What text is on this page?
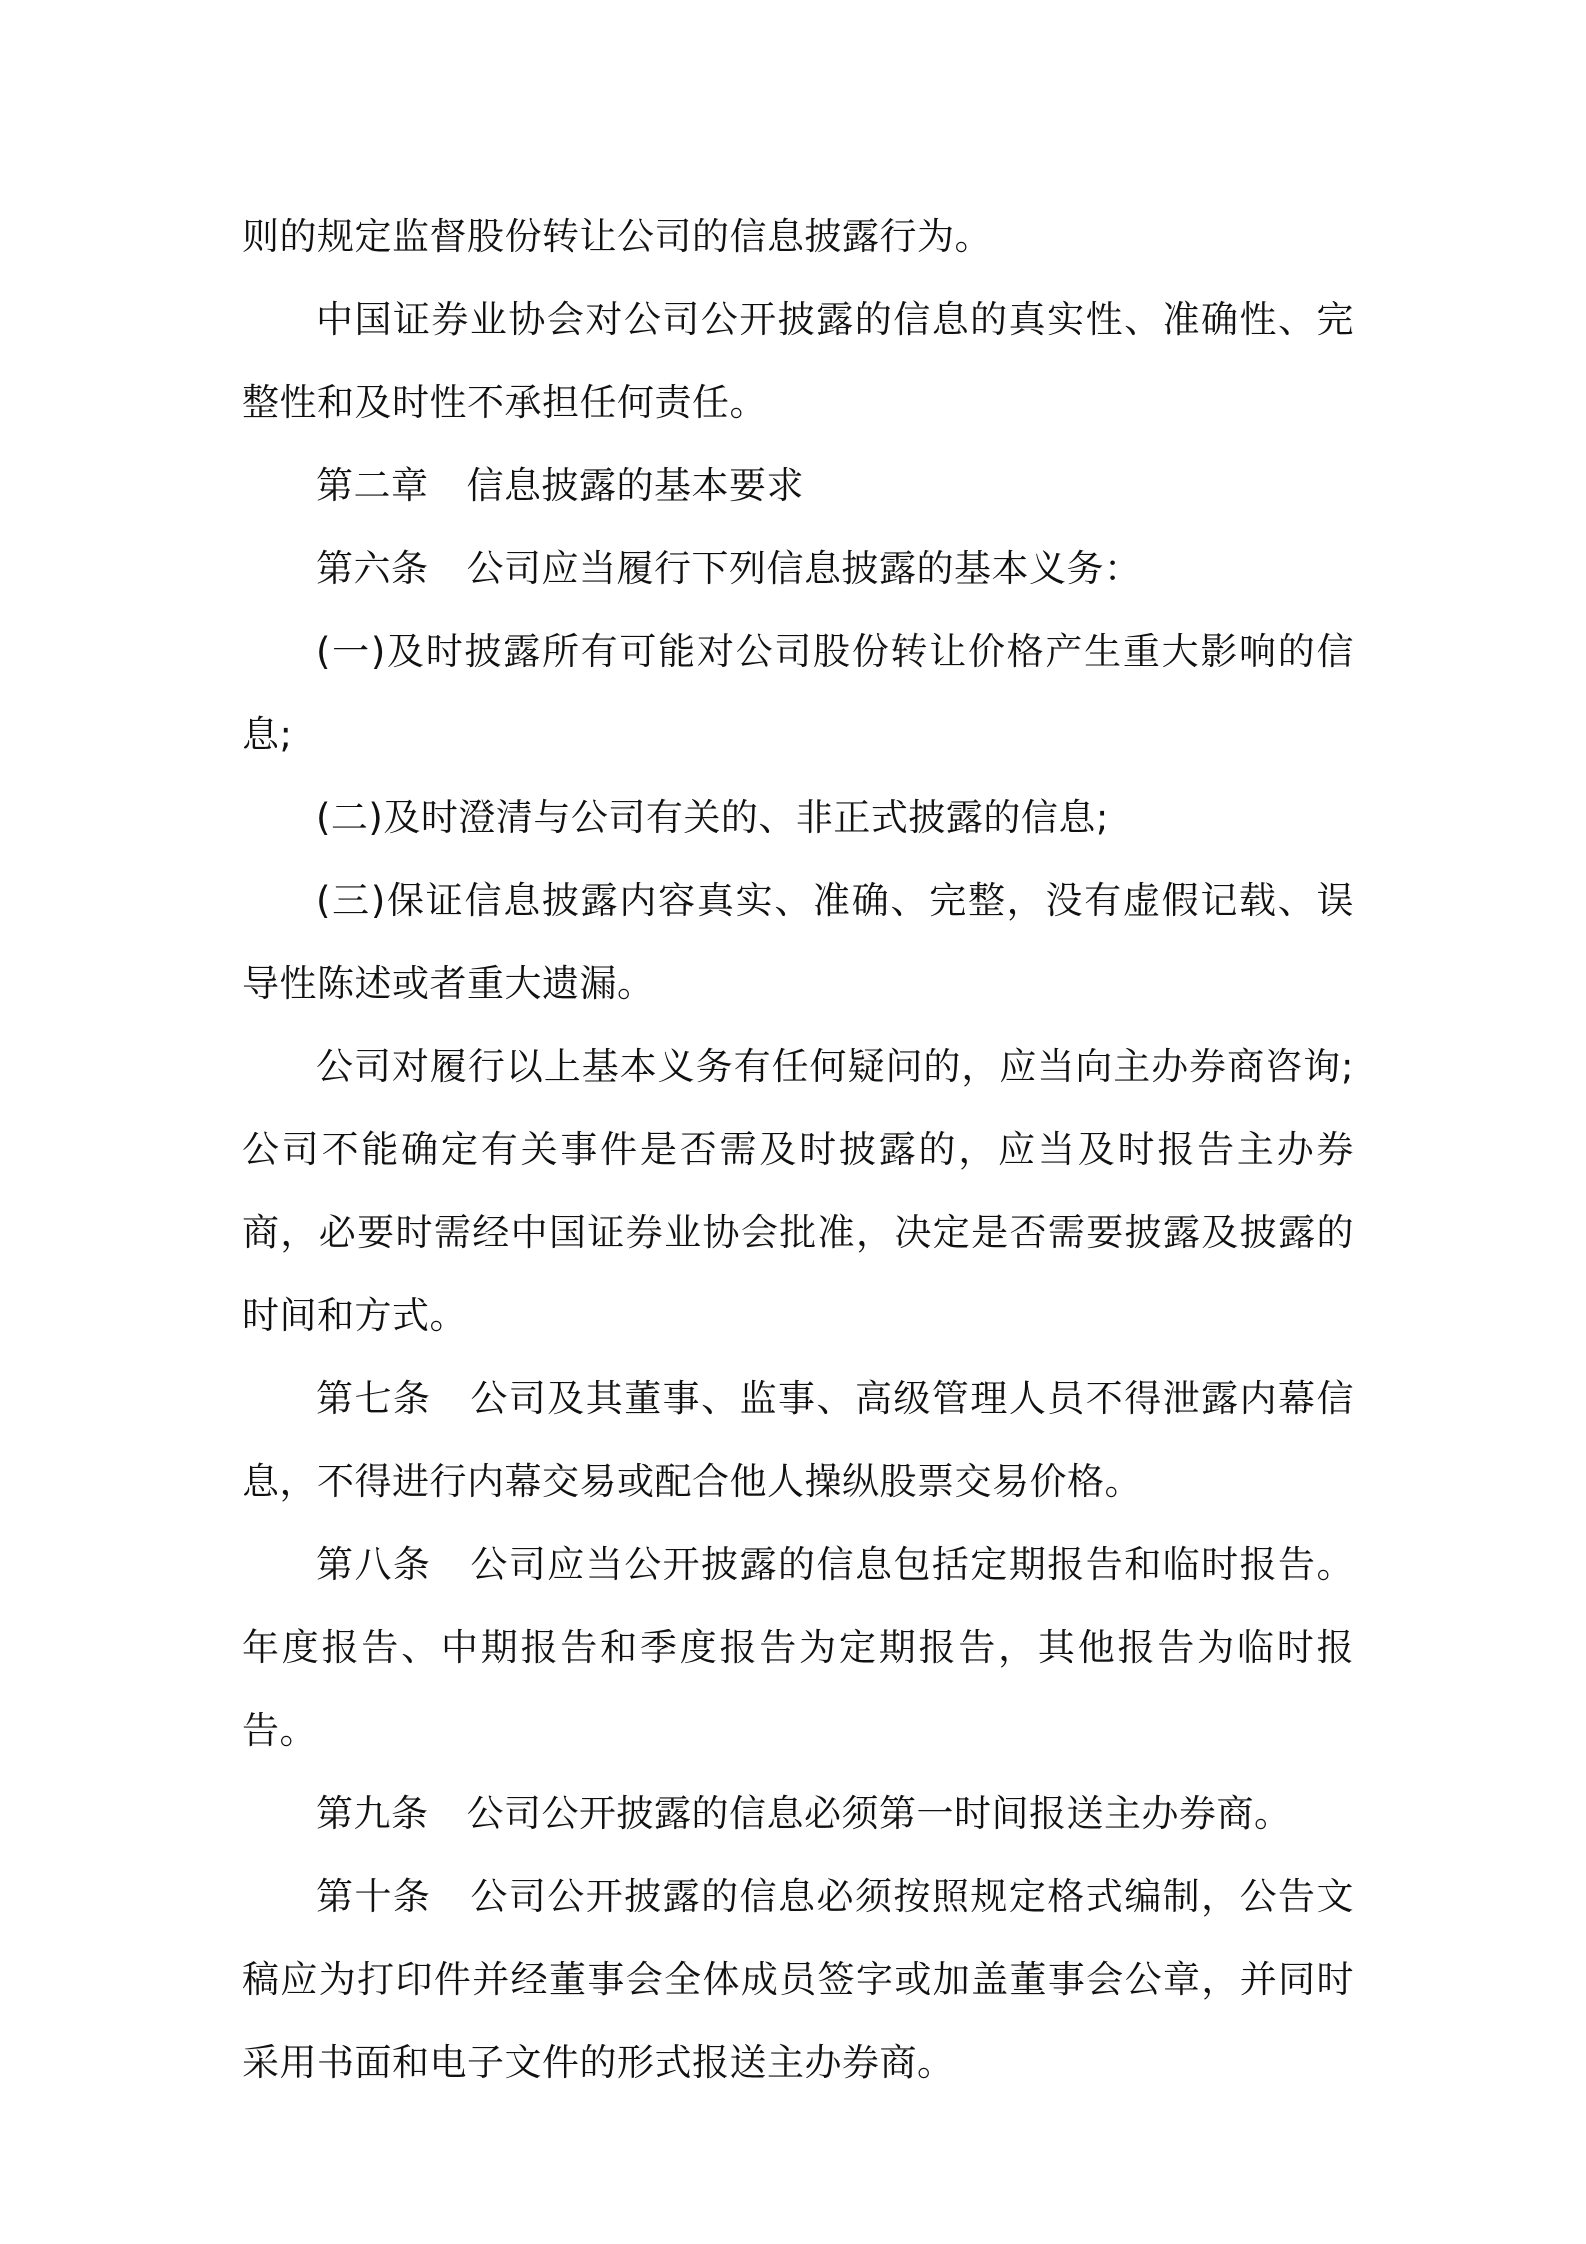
则的规定监督股份转让公司的信息披露行为。

中国证券业协会对公司公开披露的信息的真实性、准确性、完整性和及时性不承担任何责任。

第二章 信息披露的基本要求

第六条 公司应当履行下列信息披露的基本义务：

(一)及时披露所有可能对公司股份转让价格产生重大影响的信息;

(二)及时澄清与公司有关的、非正式披露的信息;

(三)保证信息披露内容真实、准确、完整，没有虚假记载、误导性陈述或者重大遗漏。

公司对履行以上基本义务有任何疑问的，应当向主办券商咨询;公司不能确定有关事件是否需及时披露的，应当及时报告主办券商，必要时需经中国证券业协会批准，决定是否需要披露及披露的时间和方式。

第七条 公司及其董事、监事、高级管理人员不得泄露内幕信息，不得进行内幕交易或配合他人操纵股票交易价格。

第八条 公司应当公开披露的信息包括定期报告和临时报告。年度报告、中期报告和季度报告为定期报告，其他报告为临时报告。

第九条 公司公开披露的信息必须第一时间报送主办券商。

第十条 公司公开披露的信息必须按照规定格式编制，公告文稿应为打印件并经董事会全体成员签字或加盖董事会公章，并同时采用书面和电子文件的形式报送主办券商。
